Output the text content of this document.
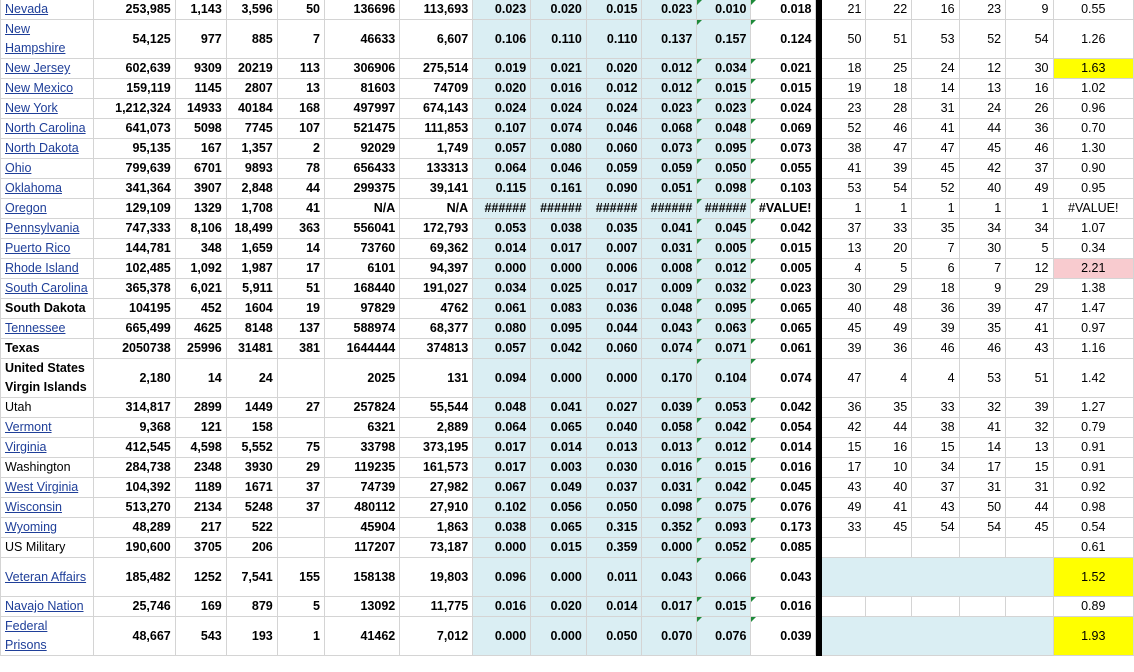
Nevada	253,985	1,143	3,596	50	136696	113,693	0.023	0.020	0.015	0.023	0.010	0.018		21	22	16	23	9	0.55
New Hampshire	54,125	977	885	7	46633	6,607	0.106	0.110	0.110	0.137	0.157	0.124		50	51	53	52	54	1.26
New Jersey	602,639	9309	20219	113	306906	275,514	0.019	0.021	0.020	0.012	0.034	0.021		18	25	24	12	30	1.63
New Mexico	159,119	1145	2807	13	81603	74709	0.020	0.016	0.012	0.012	0.015	0.015		19	18	14	13	16	1.02
New York	1,212,324	14933	40184	168	497997	674,143	0.024	0.024	0.024	0.023	0.023	0.024		23	28	31	24	26	0.96
North Carolina	641,073	5098	7745	107	521475	111,853	0.107	0.074	0.046	0.068	0.048	0.069		52	46	41	44	36	0.70
North Dakota	95,135	167	1,357	2	92029	1,749	0.057	0.080	0.060	0.073	0.095	0.073		38	47	47	45	46	1.30
Ohio	799,639	6701	9893	78	656433	133313	0.064	0.046	0.059	0.059	0.050	0.055		41	39	45	42	37	0.90
Oklahoma	341,364	3907	2,848	44	299375	39,141	0.115	0.161	0.090	0.051	0.098	0.103		53	54	52	40	49	0.95
Oregon	129,109	1329	1,708	41	N/A	N/A	######	######	######	######	######	#VALUE!		1	1	1	1	1	#VALUE!
Pennsylvania	747,333	8,106	18,499	363	556041	172,793	0.053	0.038	0.035	0.041	0.045	0.042		37	33	35	34	34	1.07
Puerto Rico	144,781	348	1,659	14	73760	69,362	0.014	0.017	0.007	0.031	0.005	0.015		13	20	7	30	5	0.34
Rhode Island	102,485	1,092	1,987	17	6101	94,397	0.000	0.000	0.006	0.008	0.012	0.005		4	5	6	7	12	2.21
South Carolina	365,378	6,021	5,911	51	168440	191,027	0.034	0.025	0.017	0.009	0.032	0.023		30	29	18	9	29	1.38
South Dakota	104195	452	1604	19	97829	4762	0.061	0.083	0.036	0.048	0.095	0.065		40	48	36	39	47	1.47
Tennessee	665,499	4625	8148	137	588974	68,377	0.080	0.095	0.044	0.043	0.063	0.065		45	49	39	35	41	0.97
Texas	2050738	25996	31481	381	1644444	374813	0.057	0.042	0.060	0.074	0.071	0.061		39	36	46	46	43	1.16
United States Virgin Islands	2,180	14	24		2025	131	0.094	0.000	0.000	0.170	0.104	0.074		47	4	4	53	51	1.42
Utah	314,817	2899	1449	27	257824	55,544	0.048	0.041	0.027	0.039	0.053	0.042		36	35	33	32	39	1.27
Vermont	9,368	121	158		6321	2,889	0.064	0.065	0.040	0.058	0.042	0.054		42	44	38	41	32	0.79
Virginia	412,545	4,598	5,552	75	33798	373,195	0.017	0.014	0.013	0.013	0.012	0.014		15	16	15	14	13	0.91
Washington	284,738	2348	3930	29	119235	161,573	0.017	0.003	0.030	0.016	0.015	0.016		17	10	34	17	15	0.91
West Virginia	104,392	1189	1671	37	74739	27,982	0.067	0.049	0.037	0.031	0.042	0.045		43	40	37	31	31	0.92
Wisconsin	513,270	2134	5248	37	480112	27,910	0.102	0.056	0.050	0.098	0.075	0.076		49	41	43	50	44	0.98
Wyoming	48,289	217	522		45904	1,863	0.038	0.065	0.315	0.352	0.093	0.173		33	45	54	54	45	0.54
US Military	190,600	3705	206		117207	73,187	0.000	0.015	0.359	0.000	0.052	0.085							0.61
Veteran Affairs	185,482	1252	7,541	155	158138	19,803	0.096	0.000	0.011	0.043	0.066	0.043							1.52
Navajo Nation	25,746	169	879	5	13092	11,775	0.016	0.020	0.014	0.017	0.015	0.016							0.89
Federal Prisons	48,667	543	193	1	41462	7,012	0.000	0.000	0.050	0.070	0.076	0.039							1.93
